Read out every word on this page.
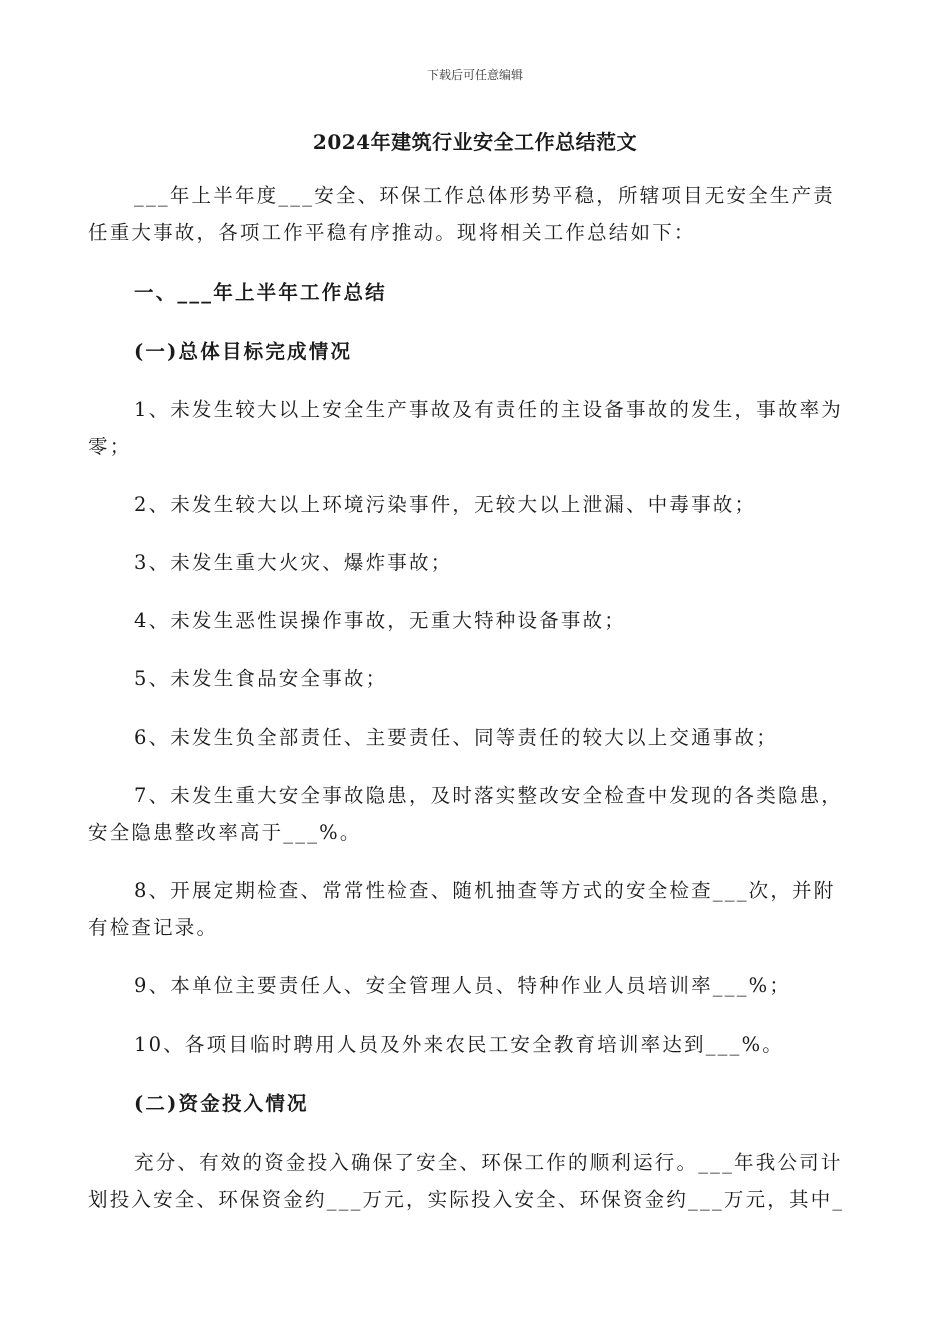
下载后可任意编辑
2024年建筑行业安全工作总结范文
___年上半年度___安全、环保工作总体形势平稳，所辖项目无安全生产责
任重大事故，各项工作平稳有序推动。现将相关工作总结如下：
一、___年上半年工作总结
(一)总体目标完成情况
1、未发生较大以上安全生产事故及有责任的主设备事故的发生，事故率为
零；
2、未发生较大以上环境污染事件，无较大以上泄漏、中毒事故；
3、未发生重大火灾、爆炸事故；
4、未发生恶性误操作事故，无重大特种设备事故；
5、未发生食品安全事故；
6、未发生负全部责任、主要责任、同等责任的较大以上交通事故；
7、未发生重大安全事故隐患，及时落实整改安全检查中发现的各类隐患，
安全隐患整改率高于___%。
8、开展定期检查、常常性检查、随机抽查等方式的安全检查___次，并附
有检查记录。
9、本单位主要责任人、安全管理人员、特种作业人员培训率___%；
10、各项目临时聘用人员及外来农民工安全教育培训率达到___%。
(二)资金投入情况
充分、有效的资金投入确保了安全、环保工作的顺利运行。___年我公司计
划投入安全、环保资金约___万元，实际投入安全、环保资金约___万元，其中_
